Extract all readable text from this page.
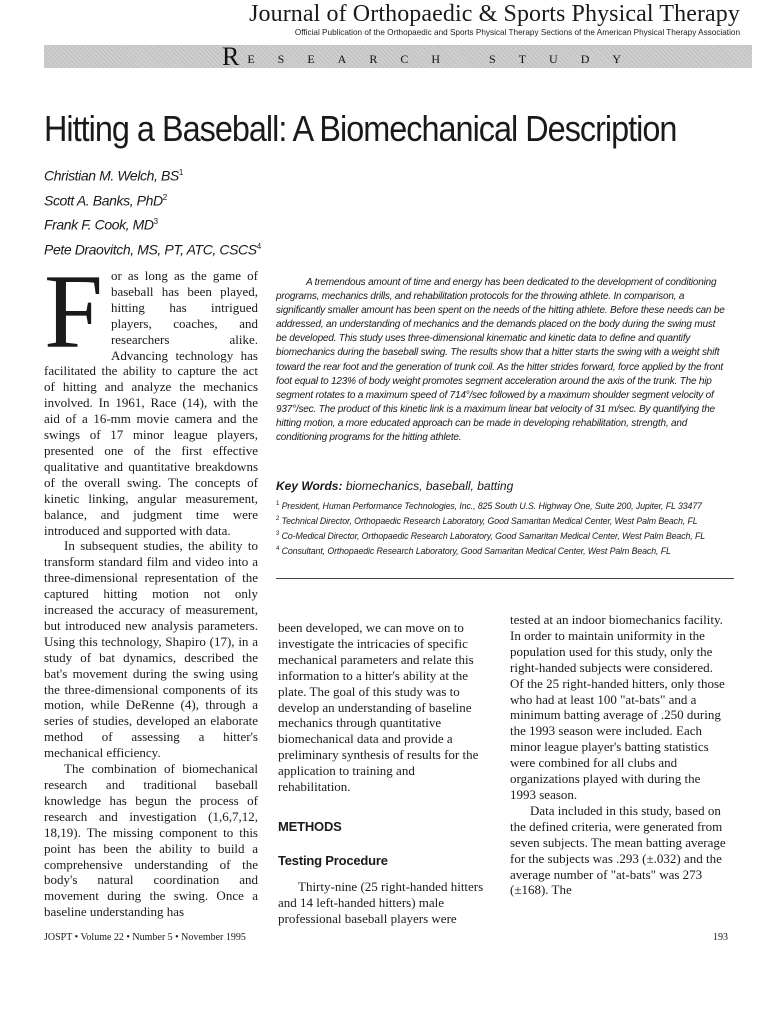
Journal of Orthopaedic & Sports Physical Therapy
Official Publication of the Orthopaedic and Sports Physical Therapy Sections of the American Physical Therapy Association
RESEARCH STUDY
Hitting a Baseball: A Biomechanical Description
Christian M. Welch, $BS^1$
Scott A. Banks, PhD$^2$
Frank F. Cook, $MD^3$
Pete Draovitch, MS, PT, ATC, CSCS$^4$

For as long as the game of baseball has been played, hitting has intrigued players, coaches, and researchers alike. Advancing technology has facilitated the ability to capture the act of hitting and analyze the mechanics involved. In 1961, Race (14), with the aid of a 16-mm movie camera and the swings of 17 minor league players, presented one of the first effective qualitative and quantitative breakdowns of the overall swing. The concepts of kinetic linking, angular measurement, balance, and judgment time were introduced and supported with data.

In subsequent studies, the ability to transform standard film and video into a three-dimensional representation of the captured hitting motion not only increased the accuracy of measurement, but introduced new analysis parameters. Using this technology, Shapiro (17), in a study of bat dynamics, described the bat's movement during the swing using the three-dimensional components of its motion, while DeRenne (4), through a series of studies, developed an elaborate method of assessing a hitter's mechanical efficiency.

The combination of biomechanical research and traditional baseball knowledge has begun the process of research and investigation (1,6,7,12, 18,19). The missing component to this point has been the ability to build a comprehensive understanding of the body's natural coordination and movement during the swing. Once a baseline understanding has

A tremendous amount of time and energy has been dedicated to the development of conditioning programs, mechanics drills, and rehabilitation protocols for the throwing athlete. In comparison, a significantly smaller amount has been spent on the needs of the hitting athlete. Before these needs can be addressed, an understanding of mechanics and the demands placed on the body during the swing must be developed. This study uses three-dimensional kinematic and kinetic data to define and quantify biomechanics during the baseball swing. The results show that a hitter starts the swing with a weight shift toward the rear foot and the generation of trunk coil. As the hitter strides forward, force applied by the front foot equal to 123% of body weight promotes segment acceleration around the axis of the trunk. The hip segment rotates to a maximum speed of 714°/sec followed by a maximum shoulder segment velocity of 937°/sec. The product of this kinetic link is a maximum linear bat velocity of 31 m/sec. By quantifying the hitting motion, a more educated approach can be made in developing rehabilitation, strength, and conditioning programs for the hitting athlete.

Key Words: biomechanics, baseball, batting
$^1$ President, Human Performance Technologies, Inc., 825 South U.S. Highway One, Suite 200, Jupiter, FL 33477
$^2$ Technical Director, Orthopaedic Research Laboratory, Good Samaritan Medical Center, West Palm Beach, FL
$^3$ Co-Medical Director, Orthopaedic Research Laboratory, Good Samaritan Medical Center, West Palm Beach, FL
$^4$ Consultant, Orthopaedic Research Laboratory, Good Samaritan Medical Center, West Palm Beach, FL

been developed, we can move on to investigate the intricacies of specific mechanical parameters and relate this information to a hitter's ability at the plate. The goal of this study was to develop an understanding of baseline mechanics through quantitative biomechanical data and provide a preliminary synthesis of results for the application to training and rehabilitation.

METHODS
Testing Procedure

Thirty-nine (25 right-handed hitters and 14 left-handed hitters) male professional baseball players were

tested at an indoor biomechanics facility. In order to maintain uniformity in the population used for this study, only the right-handed subjects were considered. Of the 25 right-handed hitters, only those who had at least 100 "at-bats" and a minimum batting average of .250 during the 1993 season were included. Each minor league player's batting statistics were combined for all clubs and organizations played with during the 1993 season.

Data included in this study, based on the defined criteria, were generated from seven subjects. The mean batting average for the subjects was .293 (±.032) and the average number of "at-bats" was 273 (±168). The

JOSPT • Volume 22 • Number 5 • November 1995	193
